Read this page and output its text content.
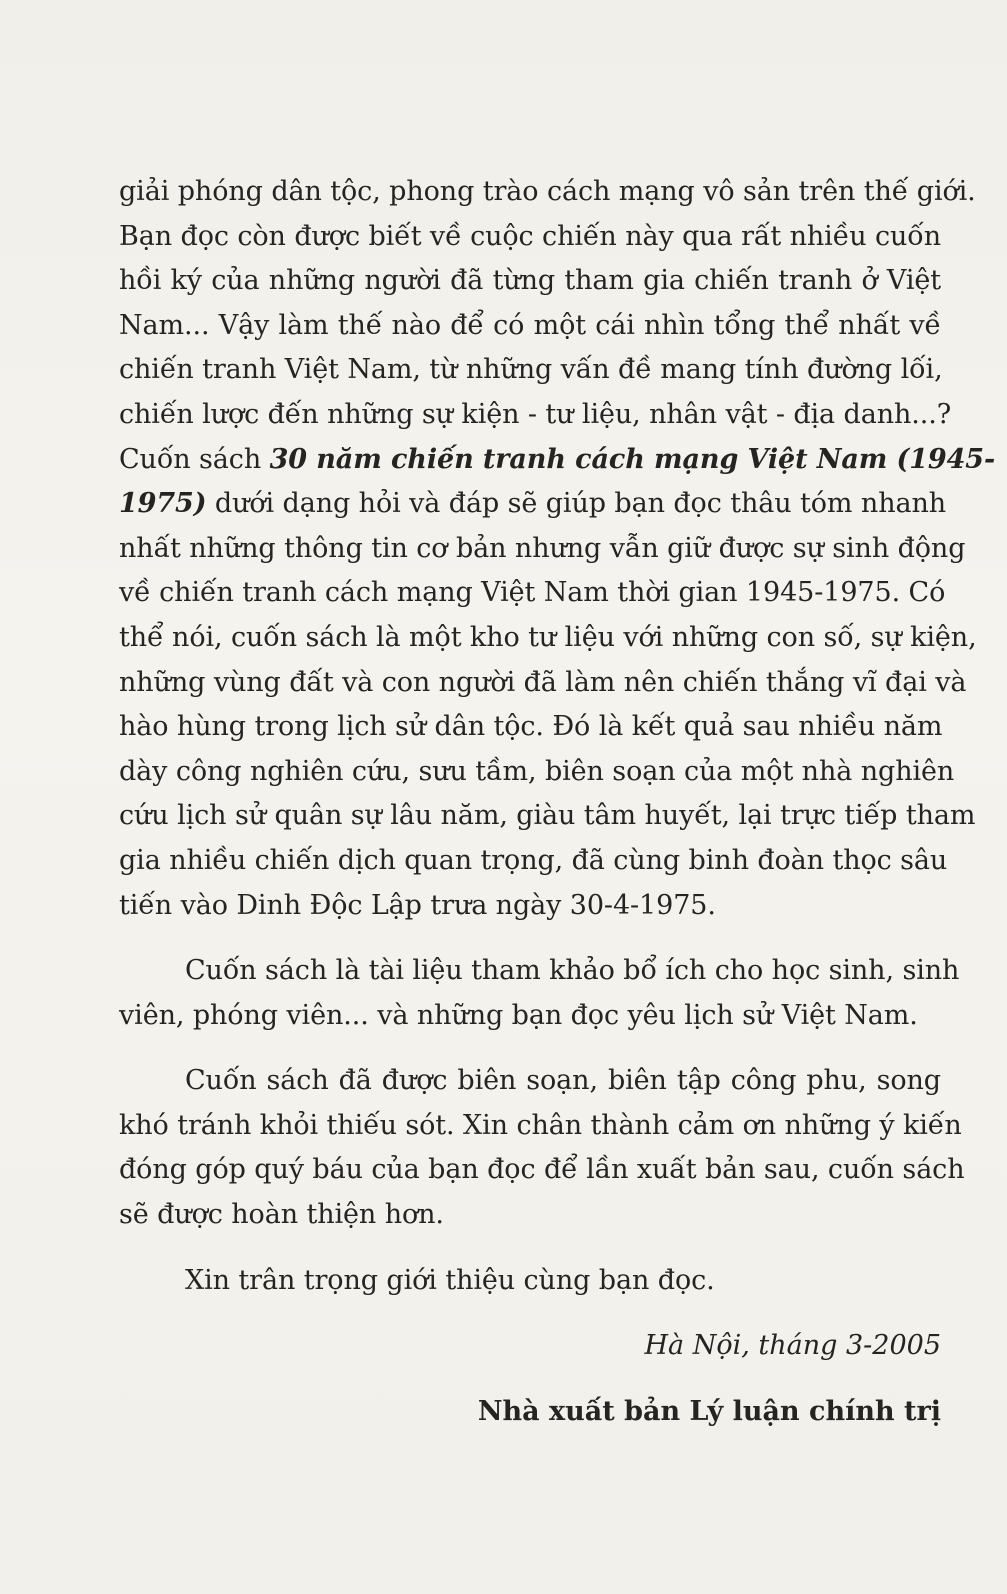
giải phóng dân tộc, phong trào cách mạng vô sản trên thế giới.
Bạn đọc còn được biết về cuộc chiến này qua rất nhiều cuốn
hồi ký của những người đã từng tham gia chiến tranh ở Việt
Nam... Vậy làm thế nào để có một cái nhìn tổng thể nhất về
chiến tranh Việt Nam, từ những vấn đề mang tính đường lối,
chiến lược đến những sự kiện - tư liệu, nhân vật - địa danh...?
Cuốn sách 30 năm chiến tranh cách mạng Việt Nam (1945-
1975) dưới dạng hỏi và đáp sẽ giúp bạn đọc thâu tóm nhanh
nhất những thông tin cơ bản nhưng vẫn giữ được sự sinh động
về chiến tranh cách mạng Việt Nam thời gian 1945-1975. Có
thể nói, cuốn sách là một kho tư liệu với những con số, sự kiện,
những vùng đất và con người đã làm nên chiến thắng vĩ đại và
hào hùng trong lịch sử dân tộc. Đó là kết quả sau nhiều năm
dày công nghiên cứu, sưu tầm, biên soạn của một nhà nghiên
cứu lịch sử quân sự lâu năm, giàu tâm huyết, lại trực tiếp tham
gia nhiều chiến dịch quan trọng, đã cùng binh đoàn thọc sâu
tiến vào Dinh Độc Lập trưa ngày 30-4-1975.
Cuốn sách là tài liệu tham khảo bổ ích cho học sinh, sinh
viên, phóng viên... và những bạn đọc yêu lịch sử Việt Nam.
Cuốn sách đã được biên soạn, biên tập công phu, song
khó tránh khỏi thiếu sót. Xin chân thành cảm ơn những ý kiến
đóng góp quý báu của bạn đọc để lần xuất bản sau, cuốn sách
sẽ được hoàn thiện hơn.
Xin trân trọng giới thiệu cùng bạn đọc.
Hà Nội, tháng 3-2005
Nhà xuất bản Lý luận chính trị
